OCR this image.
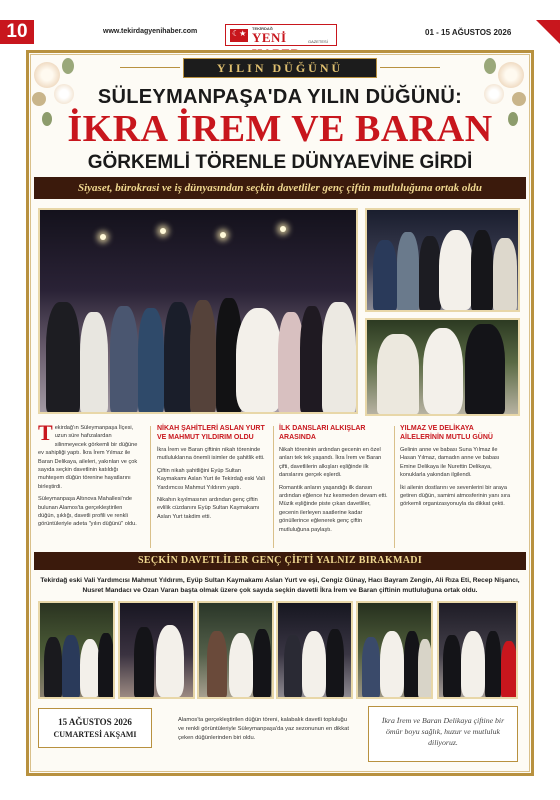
10	www.tekirdagyenihaber.com
☾★	TEKİRDAĞ
YENİ	GAZETESİ
01 - 15 AĞUSTOS 2026
YILIN DÜĞÜNÜ
SÜLEYMANPAŞA'DA YILIN DÜĞÜNÜ:
İKRA İREM VE BARAN
GÖRKEMLİ TÖRENLE DÜNYAEVİNE GİRDİ
Siyaset, bürokrasi ve iş dünyasından seçkin davetliler genç çiftin mutluluğuna ortak oldu

Tekirdağ'ın Süleymanpaşa İlçesi, uzun süre hafızalardan silinmeyecek görkemli bir düğüne ev sahipliği yaptı. İkra İrem Yılmaz ile Baran Delikaya, aileleri, yakınları ve çok sayıda seçkin davetlinin katıldığı muhteşem düğün törenine hayatlarını birleştirdi.

Süleymanpaşa Altınova Mahallesi'nde bulunan Alamos'ta gerçekleştirilen düğün, şıklığı, davetli profili ve renkli görüntüleriyle adeta "yılın düğünü" oldu.

NİKAH ŞAHİTLERİ ASLAN YURT VE MAHMUT YILDIRIM OLDU

İkra İrem ve Baran çiftinin nikah töreninde mutluluklarına önemli isimler de şahitlik etti.

Çiftin nikah şahitliğini Eyüp Sultan Kaymakamı Aslan Yurt ile Tekirdağ eski Vali Yardımcısı Mahmut Yıldırım yaptı.

Nikahın kıyılmasının ardından genç çiftin evlilik cüzdanını Eyüp Sultan Kaymakamı Aslan Yurt takdim etti.

İLK DANSLARI ALKIŞLAR ARASINDA

Nikah töreninin ardından gecenin en özel anları tek tek yaşandı. İkra İrem ve Baran çifti, davetlilerin alkışları eşliğinde ilk danslarını gerçek eşlerdi.

Romantik anların yaşandığı ilk dansın ardından eğlence hız kesmeden devam etti. Müzik eşliğinde piste çıkan davetliler, gecenin ilerleyen saatlerine kadar gönüllerince eğlenerek genç çiftin mutluluğuna paylaştı.

YILMAZ VE DELİKAYA AİLELERİNİN MUTLU GÜNÜ

Gelinin anne ve babası Suna Yılmaz ile Hasan Yılmaz, damadın anne ve babası Emine Delikaya ile Nurettin Delikaya, konuklarla yakından ilgilendi.

İki ailenin dostlarını ve sevenlerini bir araya getiren düğün, samimi atmosferinin yanı sıra görkemli organizasyonuyla da dikkat çekti.

SEÇKİN DAVETLİLER GENÇ ÇİFTİ YALNIZ BIRAKMADI
Tekirdağ eski Vali Yardımcısı Mahmut Yıldırım, Eyüp Sultan Kaymakamı Aslan Yurt ve eşi, Cengiz Günay, Hacı Bayram Zengin, Ali Rıza Eti, Recep Nişancı, Nusret Mandacı ve Ozan Varan başta olmak üzere çok sayıda seçkin davetli İkra İrem ve Baran çiftinin mutluluğuna ortak oldu.
15 AĞUSTOS 2026
CUMARTESİ AKŞAMI
Alamos'ta gerçekleştirilen düğün töreni, kalabalık davetli topluluğu ve renkli görüntüleriyle Süleymanpaşa'da yaz sezonunun en dikkat çeken düğünlerinden biri oldu.
İkra İrem ve Baran Delikaya çiftine bir ömür boyu sağlık, huzur ve mutluluk diliyoruz.
